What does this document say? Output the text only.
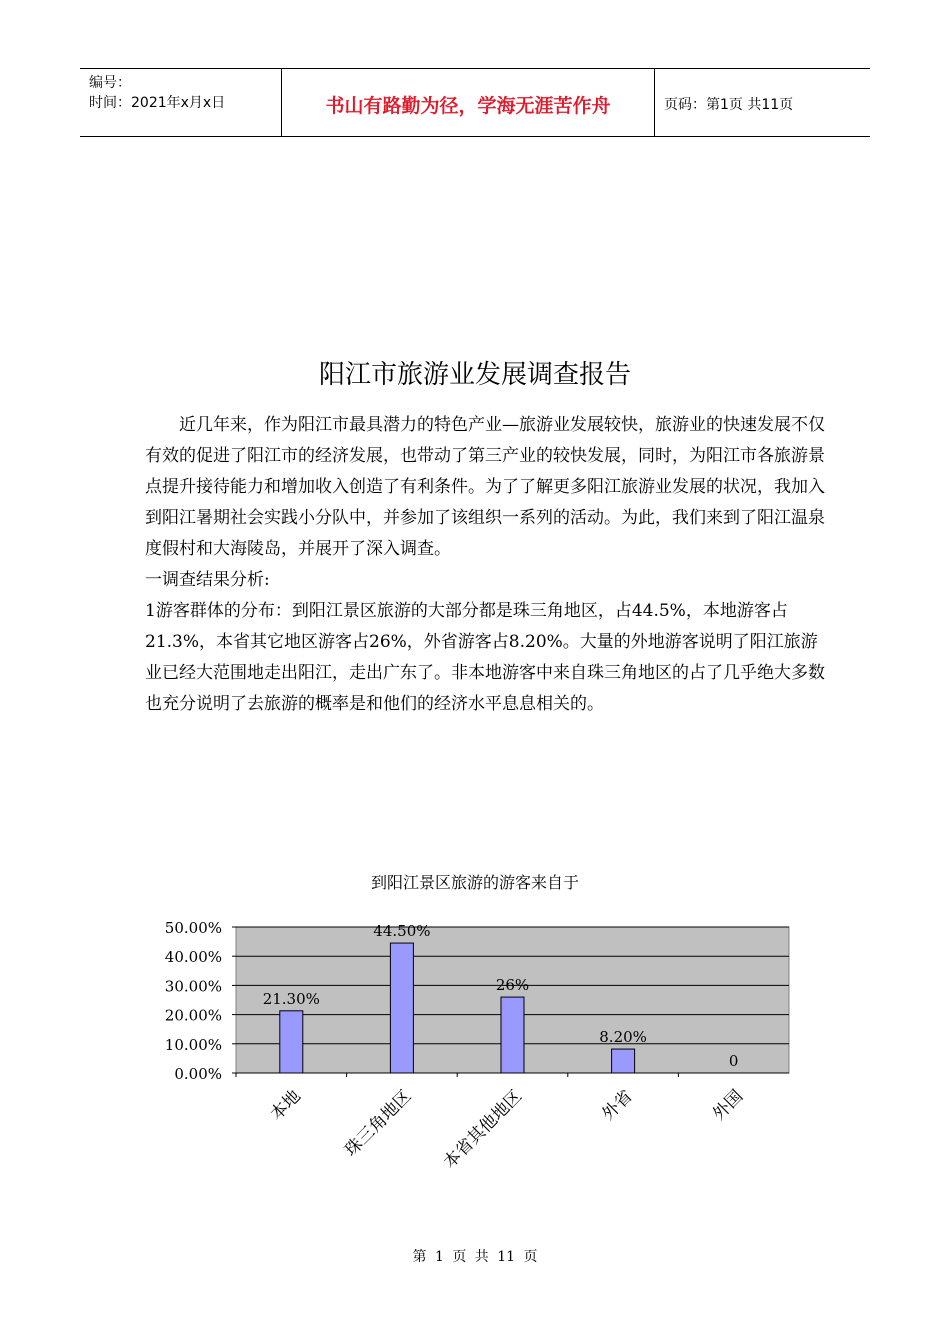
编号：
时间：2021年x月x日	书山有路勤为径，学海无涯苦作舟	页码：第1页 共11页
阳江市旅游业发展调查报告

近几年来，作为阳江市最具潜力的特色产业—旅游业发展较快，旅游业的快速发展不仅有效的促进了阳江市的经济发展，也带动了第三产业的较快发展，同时，为阳江市各旅游景点提升接待能力和增加收入创造了有利条件。为了了解更多阳江旅游业发展的状况，我加入到阳江暑期社会实践小分队中，并参加了该组织一系列的活动。为此，我们来到了阳江温泉度假村和大海陵岛，并展开了深入调查。

一调查结果分析:

1游客群体的分布：到阳江景区旅游的大部分都是珠三角地区，占44.5%，本地游客占21.3%，本省其它地区游客占26%，外省游客占8.20%。大量的外地游客说明了阳江旅游业已经大范围地走出阳江，走出广东了。非本地游客中来自珠三角地区的占了几乎绝大多数也充分说明了去旅游的概率是和他们的经济水平息息相关的。

到阳江景区旅游的游客来自于
0.00%
10.00%
20.00%
30.00%
40.00%
50.00%
21.30%
本地
44.50%
珠三角地区
26%
本省其他地区
8.20%
外省
0
外国
第 1 页 共 11 页
